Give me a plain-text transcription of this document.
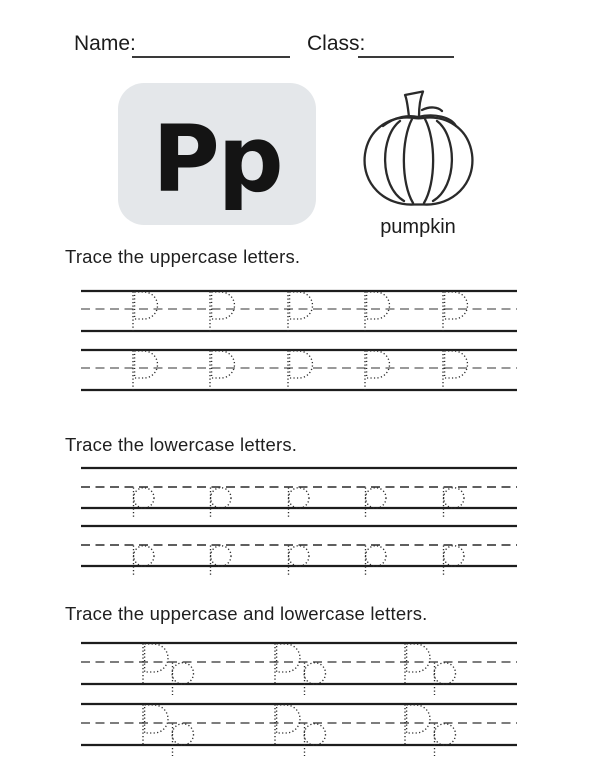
Name:	Class:
Pp
pumpkin
Trace the uppercase letters.
Trace the lowercase letters.
Trace the uppercase and lowercase letters.
